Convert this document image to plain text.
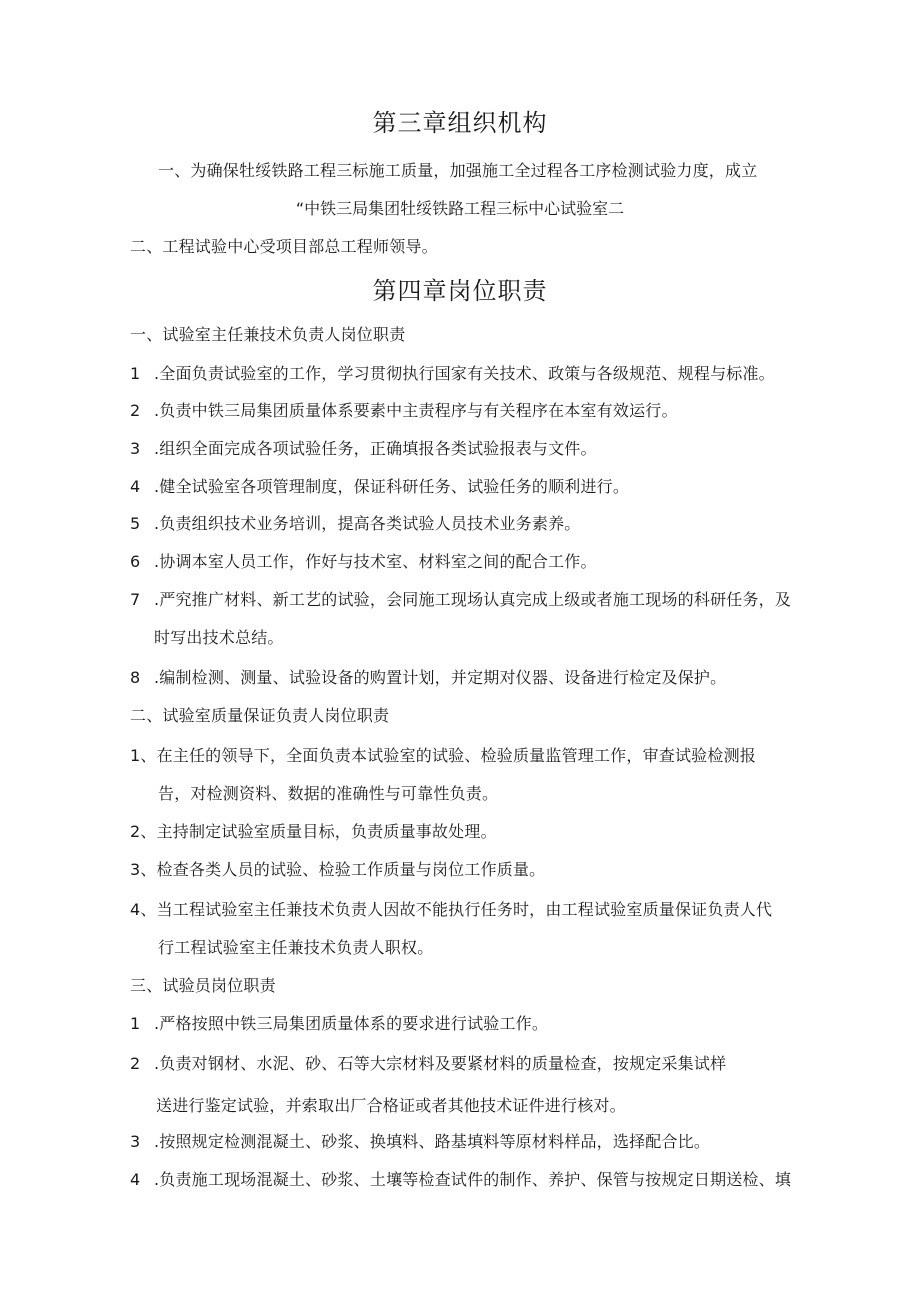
第三章组织机构
一、为确保牡绥铁路工程三标施工质量，加强施工全过程各工序检测试验力度，成立
“中铁三局集团牡绥铁路工程三标中心试验室二
二、工程试验中心受项目部总工程师领导。
第四章岗位职责
一、试验室主任兼技术负责人岗位职责
1 .全面负责试验室的工作，学习贯彻执行国家有关技术、政策与各级规范、规程与标准。
2 .负责中铁三局集团质量体系要素中主责程序与有关程序在本室有效运行。
3 .组织全面完成各项试验任务，正确填报各类试验报表与文件。
4 .健全试验室各项管理制度，保证科研任务、试验任务的顺利进行。
5 .负责组织技术业务培训，提高各类试验人员技术业务素养。
6 .协调本室人员工作，作好与技术室、材料室之间的配合工作。
7 .严究推广材料、新工艺的试验，会同施工现场认真完成上级或者施工现场的科研任务，及
时写出技术总结。
8 .编制检测、测量、试验设备的购置计划，并定期对仪器、设备进行检定及保护。
二、试验室质量保证负责人岗位职责
1、在主任的领导下，全面负责本试验室的试验、检验质量监管理工作，审查试验检测报
告，对检测资料、数据的准确性与可靠性负责。
2、主持制定试验室质量目标，负责质量事故处理。
3、检查各类人员的试验、检验工作质量与岗位工作质量。
4、当工程试验室主任兼技术负责人因故不能执行任务时，由工程试验室质量保证负责人代
行工程试验室主任兼技术负责人职权。
三、试验员岗位职责
1 .严格按照中铁三局集团质量体系的要求进行试验工作。
2 .负责对钢材、水泥、砂、石等大宗材料及要紧材料的质量检查，按规定采集试样
送进行鉴定试验，并索取出厂合格证或者其他技术证件进行核对。
3 .按照规定检测混凝土、砂浆、换填料、路基填料等原材料样品，选择配合比。
4 .负责施工现场混凝土、砂浆、土壤等检查试件的制作、养护、保管与按规定日期送检、填
